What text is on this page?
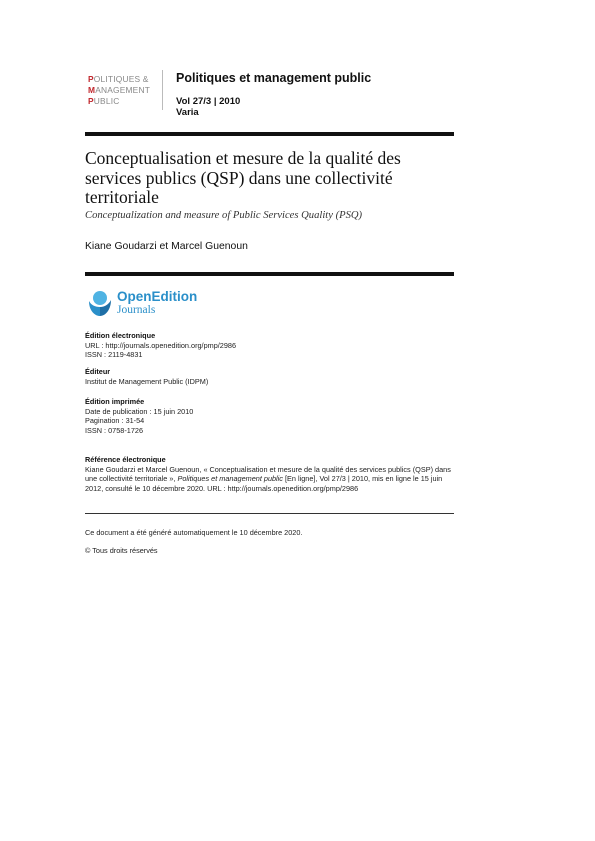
POLITIQUES &
MANAGEMENT
PUBLIC
Politiques et management public
Vol 27/3 | 2010
Varia
Conceptualisation et mesure de la qualité des services publics (QSP) dans une collectivité territoriale
Conceptualization and measure of Public Services Quality (PSQ)
Kiane Goudarzi et Marcel Guenoun
OpenEdition
Journals
Édition électronique
URL : http://journals.openedition.org/pmp/2986
ISSN : 2119-4831
Éditeur
Institut de Management Public (IDPM)
Édition imprimée
Date de publication : 15 juin 2010
Pagination : 31-54
ISSN : 0758-1726
Référence électronique
Kiane Goudarzi et Marcel Guenoun, « Conceptualisation et mesure de la qualité des services publics (QSP) dans une collectivité territoriale », Politiques et management public [En ligne], Vol 27/3 | 2010, mis en ligne le 15 juin 2012, consulté le 10 décembre 2020. URL : http://journals.openedition.org/pmp/2986
Ce document a été généré automatiquement le 10 décembre 2020.
© Tous droits réservés
